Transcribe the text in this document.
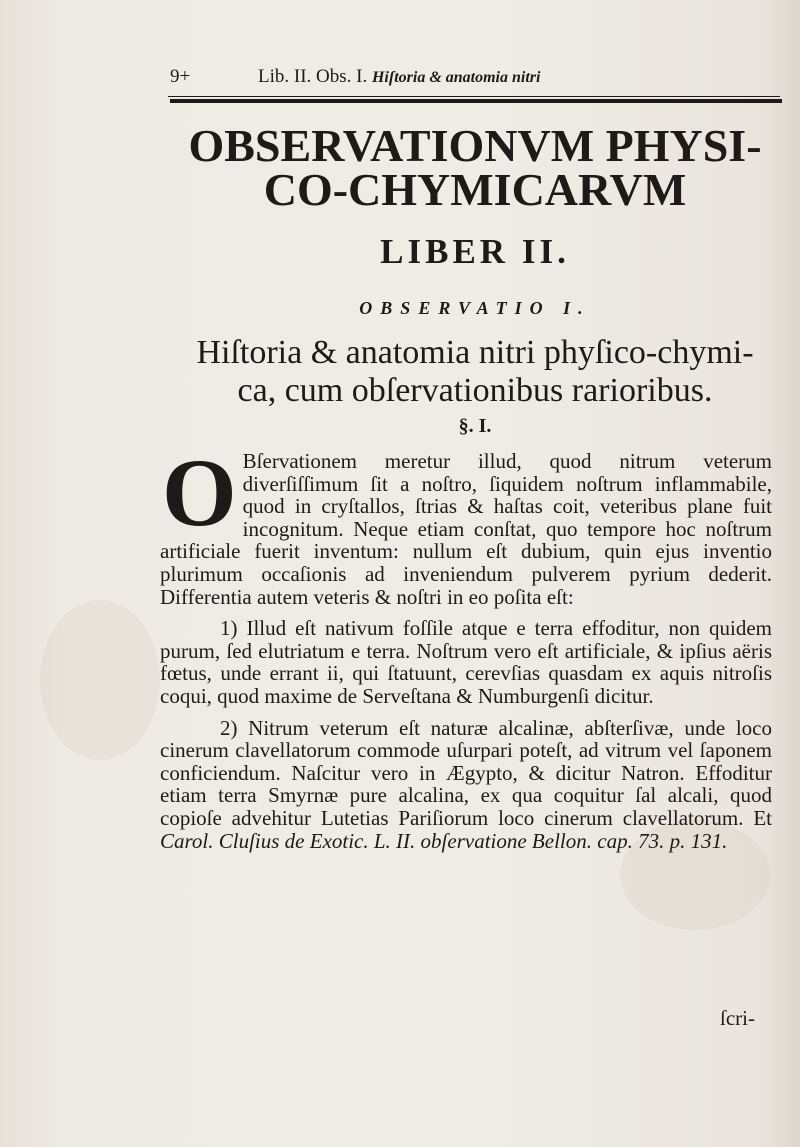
9+	Lib. II. Obs. I. Hiſtoria & anatomia nitri
OBSERVATIONVM PHYSI-
CO-CHYMICARVM
LIBER II.
OBSERVATIO I.
Hiſtoria & anatomia nitri phyſico-chymi-
ca, cum obſervationibus rarioribus.
§. I.

O Bſervationem meretur illud, quod nitrum veterum diverſiſſimum ſit a noſtro, ſiquidem noſtrum inflammabile, quod in cryſtallos, ſtrias & haſtas coit, veteribus plane fuit incognitum. Neque etiam conſtat, quo tempore hoc noſtrum artificiale fuerit inventum: nullum eſt dubium, quin ejus inventio plurimum occaſionis ad inveniendum pulverem pyrium dederit. Differentia autem veteris & noſtri in eo poſita eſt:

1) Illud eſt nativum foſſile atque e terra effoditur, non quidem purum, ſed elutriatum e terra. Noſtrum vero eſt artificiale, & ipſius aëris fœtus, unde errant ii, qui ſtatuunt, cerevſias quasdam ex aquis nitroſis coqui, quod maxime de Serveſtana & Numburgenſi dicitur.

2) Nitrum veterum eſt naturæ alcalinæ, abſterſivæ, unde loco cinerum clavellatorum commode uſurpari poteſt, ad vitrum vel ſaponem conficiendum. Naſcitur vero in Ægypto, & dicitur Natron. Effoditur etiam terra Smyrnæ pure alcalina, ex qua coquitur ſal alcali, quod copioſe advehitur Lutetias Pariſiorum loco cinerum clavellatorum. Et Carol. Cluſius de Exotic. L. II. obſervatione Bellon. cap. 73. p. 131.

ſcri-
